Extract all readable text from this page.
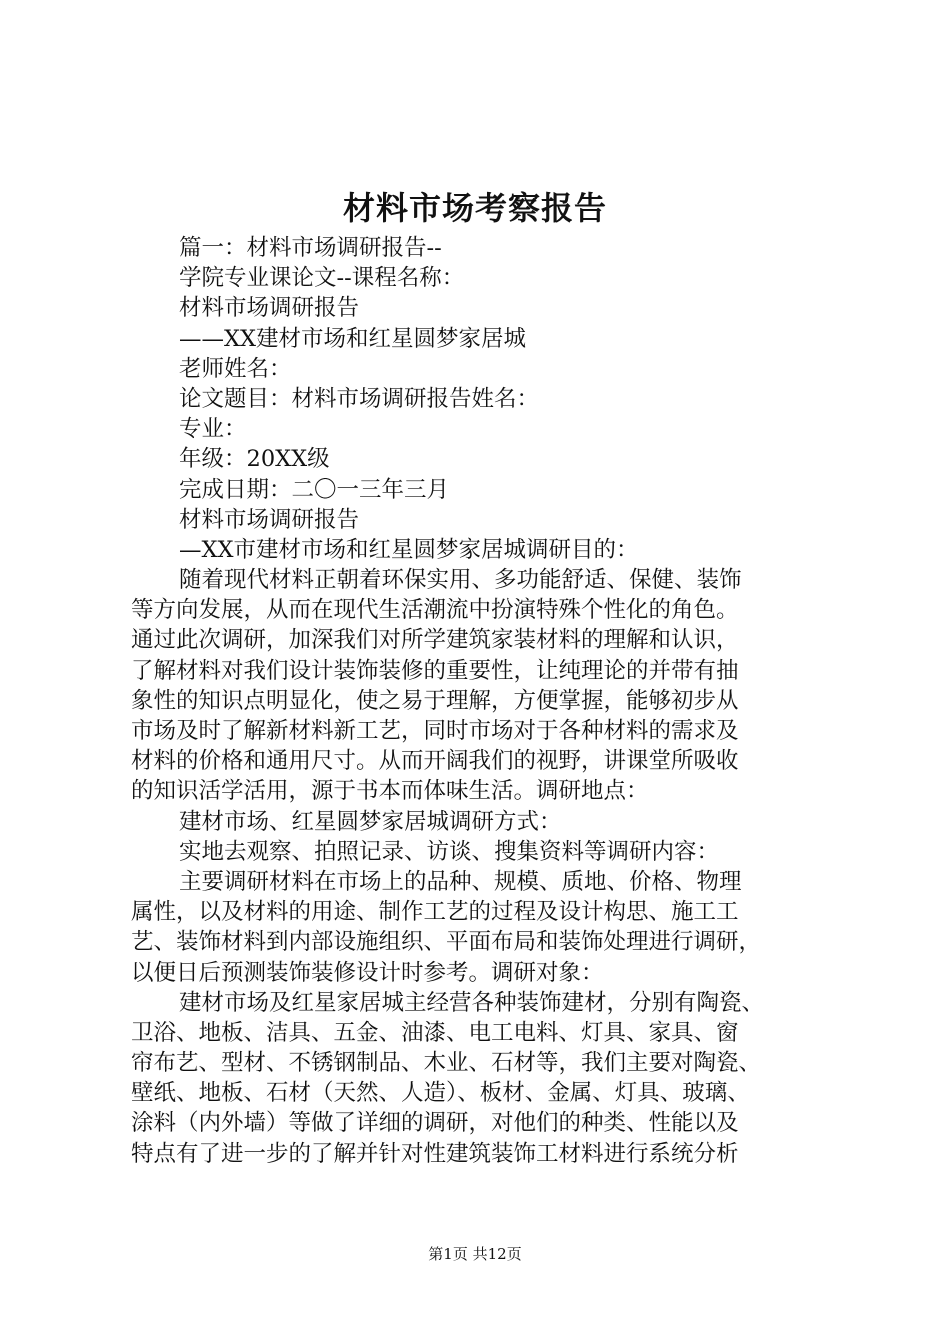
材料市场考察报告
篇一：材料市场调研报告--
学院专业课论文--课程名称：
材料市场调研报告
——XX建材市场和红星圆梦家居城
老师姓名：
论文题目：材料市场调研报告姓名：
专业：
年级：20XX级
完成日期：二〇一三年三月
材料市场调研报告
—XX市建材市场和红星圆梦家居城调研目的：
随着现代材料正朝着环保实用、多功能舒适、保健、装饰
等方向发展，从而在现代生活潮流中扮演特殊个性化的角色。
通过此次调研，加深我们对所学建筑家装材料的理解和认识，
了解材料对我们设计装饰装修的重要性，让纯理论的并带有抽
象性的知识点明显化，使之易于理解，方便掌握，能够初步从
市场及时了解新材料新工艺，同时市场对于各种材料的需求及
材料的价格和通用尺寸。从而开阔我们的视野，讲课堂所吸收
的知识活学活用，源于书本而体味生活。调研地点：
建材市场、红星圆梦家居城调研方式：
实地去观察、拍照记录、访谈、搜集资料等调研内容：
主要调研材料在市场上的品种、规模、质地、价格、物理
属性，以及材料的用途、制作工艺的过程及设计构思、施工工
艺、装饰材料到内部设施组织、平面布局和装饰处理进行调研，
以便日后预测装饰装修设计时参考。调研对象：
建材市场及红星家居城主经营各种装饰建材，分别有陶瓷、
卫浴、地板、洁具、五金、油漆、电工电料、灯具、家具、窗
帘布艺、型材、不锈钢制品、木业、石材等，我们主要对陶瓷、
壁纸、地板、石材（天然、人造）、板材、金属、灯具、玻璃、
涂料（内外墙）等做了详细的调研，对他们的种类、性能以及
特点有了进一步的了解并针对性建筑装饰工材料进行系统分析
第1页 共12页
